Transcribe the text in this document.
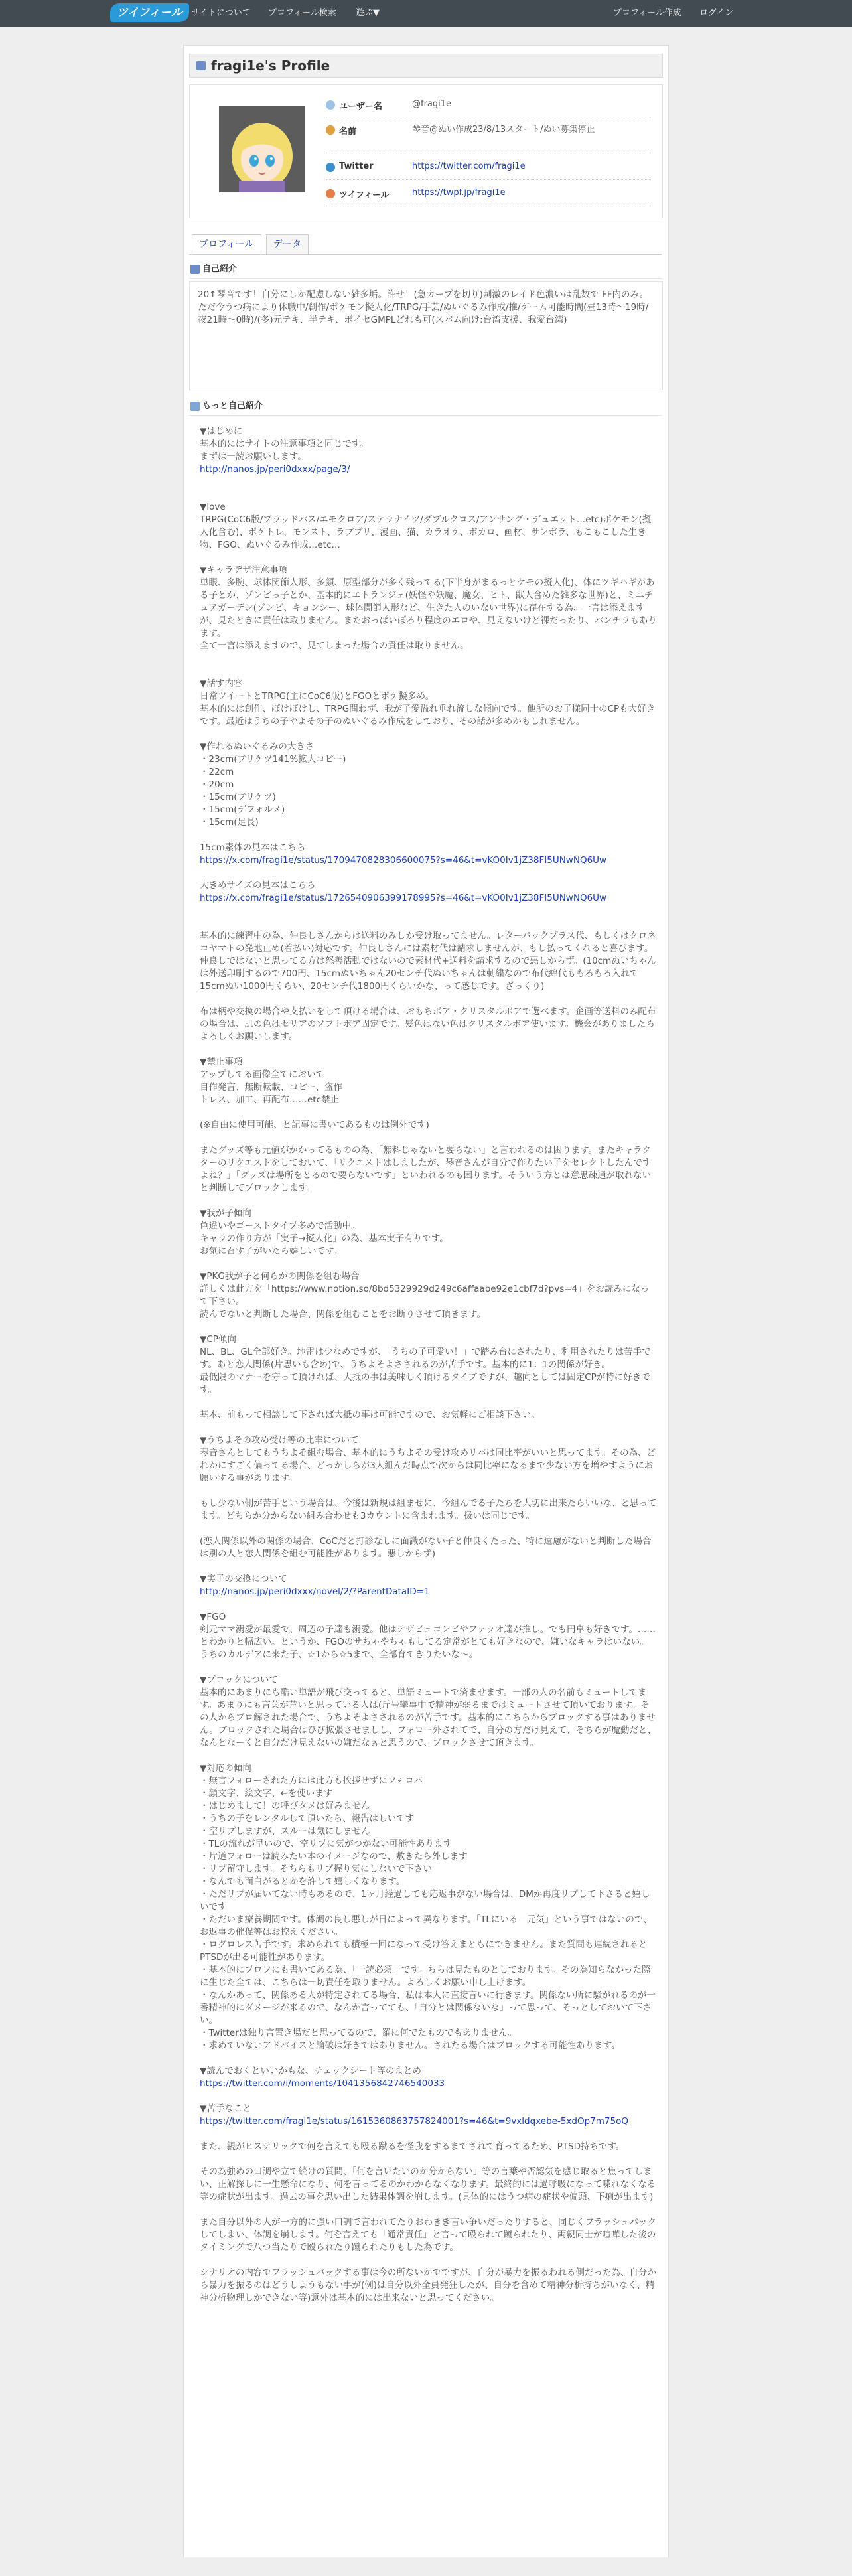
ツイフィール	サイトについて プロフィール検索 遊ぶ▼	プロフィール作成 ログイン
fragi1e's Profile
ユーザー名	@fragi1e
名前	琴音@ぬい作成23/8/13スタート/ぬい募集停止
Twitter	https://twitter.com/fragi1e
ツイフィール	https://twpf.jp/fragi1e
プロフィール	データ
自己紹介
20↑琴音です！自分にしか配慮しない雑多垢。許せ！(急カープを切り)刺激のレイド色濃いは乱数で FF内のみ。ただ今うつ病により休職中/創作/ポケモン擬人化/TRPG/手芸/ぬいぐるみ作成/推/ゲーム可能時間(昼13時〜19時/夜21時〜0時)/(多)元テキ、半テキ、ボイセGMPLどれも可(スパム向け:台湾支援、我愛台湾)
もっと自己紹介
▼はじめに
基本的にはサイトの注意事項と同じです。
まずは一読お願いします。
http://nanos.jp/peri0dxxx/page/3/
▼love
TRPG(CoC6版/ブラッドパス/エモクロア/ステラナイツ/ダブルクロス/アンサング・デュエット…etc)ポケモン(擬人化含む)、ポケトレ、モンスト、ラブプリ、漫画、猫、カラオケ、ボカロ、画材、サンボラ、もこもこした生き物、FGO、ぬいぐるみ作成…etc…
▼キャラデザ注意事項
単眼、多腕、球体関節人形、多顔、原型部分が多く残ってる(下半身がまるっとケモの擬人化)、体にツギハギがある子とか、ゾンビっ子とか、基本的にエトランジェ(妖怪や妖魔、魔女、ヒト、獣人含めた雑多な世界)と、ミニチュアガーデン(ゾンビ、キョンシー、球体関節人形など、生きた人のいない世界)に存在する為、一言は添えますが、見たときに責任は取りません。またおっぱいぽろり程度のエロや、見えないけど裸だったり、パンチラもあります。
全て一言は添えますので、見てしまった場合の責任は取りません。
▼話す内容
日常ツイートとTRPG(主にCoC6版)とFGOとポケ擬多め。
基本的には創作、ぼけぼけし、TRPG問わず、我が子愛溢れ垂れ流しな傾向です。他所のお子様同士のCPも大好きです。最近はうちの子やよその子のぬいぐるみ作成をしており、その話が多めかもしれません。
▼作れるぬいぐるみの大きさ
・23cm(ブリケツ141%拡大コピー)
・22cm
・20cm
・15cm(ブリケツ)
・15cm(デフォルメ)
・15cm(足長)
15cm素体の見本はこちら
https://x.com/fragi1e/status/1709470828306600075?s=46&t=vKO0Iv1jZ38FI5UNwNQ6Uw
大きめサイズの見本はこちら
https://x.com/fragi1e/status/1726540906399178995?s=46&t=vKO0Iv1jZ38FI5UNwNQ6Uw
基本的に練習中の為、仲良しさんからは送料のみしか受け取ってません。レターパックプラス代、もしくはクロネコヤマトの発地止め(着払い)対応です。仲良しさんには素材代は請求しませんが、もし払ってくれると喜びます。仲良しではないと思ってる方は怒善活動ではないので素材代+送料を請求するので悪しからず。(10cmぬいちゃんは外送印刷するので700円、15cmぬいちゃん20センチ代ぬいちゃんは刺繍なので布代綿代ももろもろ入れて15cmぬい1000円くらい、20センチ代1800円くらいかな、って感じです。ざっくり)
布は柄や交換の場合や支払いをして頂ける場合は、おもちボア・クリスタルボアで選べます。企画等送料のみ配布の場合は、肌の色はセリアのソフトボア固定です。髪色はない色はクリスタルボア使います。機会がありましたらよろしくお願いします。
▼禁止事項
アップしてる画像全てにおいて
自作発言、無断転載、コピー、盗作
トレス、加工、再配布……etc禁止
(※自由に使用可能、と記事に書いてあるものは例外です)
またグッズ等も元値がかかってるものの為、「無料じゃないと要らない」と言われるのは困ります。またキャラクターのリクエストをしておいて、「リクエストはしましたが、琴音さんが自分で作りたい子をセレクトしたんですよね？」「グッズは場所をとるので要らないです」といわれるのも困ります。そういう方とは意思疎通が取れないと判断してブロックします。
▼我が子傾向
色違いやゴーストタイプ多めで活動中。
キャラの作り方が「実子→擬人化」の為、基本実子有りです。
お気に召す子がいたら嬉しいです。
▼PKG我が子と何らかの関係を組む場合
詳しくは此方を「https://www.notion.so/8bd5329929d249c6affaabe92e1cbf7d?pvs=4」をお読みになって下さい。
読んでないと判断した場合、関係を組むことをお断りさせて頂きます。
▼CP傾向
NL、BL、GL全部好き。地雷は少なめですが、「うちの子可愛い！」で踏み台にされたり、利用されたりは苦手です。あと恋人関係(片思いも含め)で、うちよそよさされるのが苦手です。基本的に1：1の関係が好き。
最低限のマナーを守って頂ければ、大抵の事は美味しく頂けるタイプですが、趣向としては固定CPが特に好きです。
基本、前もって相談して下されば大抵の事は可能ですので、お気軽にご相談下さい。
▼うちよその攻め受け等の比率について
琴音さんとしてもうちよそ組む場合、基本的にうちよその受け攻めリバは同比率がいいと思ってます。その為、どれかにすごく偏ってる場合、どっかしらが3人組んだ時点で次からは同比率になるまで少ない方を増やすようにお願いする事があります。
もし少ない側が苦手という場合は、今後は新規は組ませに、今組んでる子たちを大切に出来たらいいな、と思ってます。どちらか分からない組み合わせも3カウントに含まれます。扱いは同じです。
(恋人関係以外の関係の場合、CoCだと打診なしに面識がない子と仲良くたった、特に遠慮がないと判断した場合は別の人と恋人関係を組む可能性があります。悪しからず)
▼実子の交換について
http://nanos.jp/peri0dxxx/novel/2/?ParentDataID=1
▼FGO
剣元ママ溺愛が最愛で、周辺の子達も溺愛。他はテザビュコンビやファラオ達が推し。でも円卓も好きです。……とわかりと幅広い。というか、FGOのサちゃやちゃもしてる定常がとても好きなので、嫌いなキャラはいない。
うちのカルデアに来た子、☆1から☆5まで、全部育てきりたいな〜。
▼ブロックについて
基本的にあまりにも酷い単語が飛び交ってると、単語ミュートで済ませます。一部の人の名前もミュートしてます。あまりにも言葉が荒いと思っている人は(斤号攣事中で精神が弱るまではミュートさせて頂いております。その人からブロ解された場合で、うちよそよさされるのが苦手です。基本的にこちらからブロックする事はありません。ブロックされた場合はひび拡張させましし、フォロー外されてで、自分の方だけ見えて、そちらが魔動だと、なんとなーくと自分だけ見えないの嫌だなぁと思うので、ブロックさせて頂きます。
▼対応の傾向
・無言フォローされた方には此方も挨拶せずにフォロバ
・顔文字、絵文字、←を使います
・はじめまして！の呼びタメは好みません
・うちの子をレンタルして頂いたら、報告はしいてす
・空リプしますが、スルーは気にしません
・TLの流れが早いので、空リプに気がつかない可能性あります
・片道フォローは読みたい本のイメージなので、敷きたら外します
・リプ留守します。そちらもリプ握り気にしないで下さい
・なんでも面白がるとかを許して嬉しくなります。
・ただリプが届いてない時もあるので、1ヶ月経過しても応返事がない場合は、DMか再度リプして下さると嬉しいです
・ただいま療養期間です。体調の良し悪しが日によって異なります。「TLにいる＝元気」という事ではないので、お返事の催促等はお控えください。
・ログロレス苦手です。求められても積極一回になって受け答えまともにできません。また質問も連続されるとPTSDが出る可能性があります。
・基本的にプロフにも書いてある為、「一読必須」です。ちらは見たものとしております。その為知らなかった際に生じた全ては、こちらは一切責任を取りません。よろしくお願い申し上げます。
・なんかあって、関係ある人が特定されてる場合、私は本人に直接言いに行きます。関係ない所に騒がれるのが一番精神的にダメージが来るので、なんか言ってても、「自分とは関係ないな」って思って、そっとしておいて下さい。
・Twitterは独り言置き場だと思ってるので、羅に何でたものでもありません。
・求めていないアドバイスと論破は好きではありません。されたる場合はブロックする可能性あります。
▼読んでおくといいかもな、チェックシート等のまとめ
https://twitter.com/i/moments/1041356842746540033
▼苦手なこと
https://twitter.com/fragi1e/status/1615360863757824001?s=46&t=9vxldqxebe-5xdOp7m75oQ
また、親がヒステリックで何を言えても殴る蹴るを怪我をするまでされて育ってるため、PTSD持ちです。
その為強めの口調や立て続けの質問、「何を言いたいのか分からない」等の言葉や否認気を感じ取ると焦ってしまい、正解探しに一生懸命になり、何を言ってるのかわからなくなります。最終的には過呼吸になって喋れなくなる等の症状が出ます。過去の事を思い出した結果体調を崩します。(具体的にはうつ病の症状や偏頭、下痢が出ます)
また自分以外の人が一方的に強い口調で言われてたりおわきぎ言い争いだったりすると、同じくフラッシュバックしてしまい、体調を崩します。何を言えても「通常責任」と言って殴られて蹴られたり、両親同士が喧嘩した後のタイミングで八つ当たりで殴られたり蹴られたりもした為です。
シナリオの内容でフラッシュバックする事は今の所ないかでですが、自分が暴力を振るわれる側だった為、自分から暴力を振るのはどうしようもない事が(例)は自分以外全員発狂したが、自分を含めて精神分析持ちがいなく、精神分析物理しかできない等)意外は基本的には出来ないと思ってください。
